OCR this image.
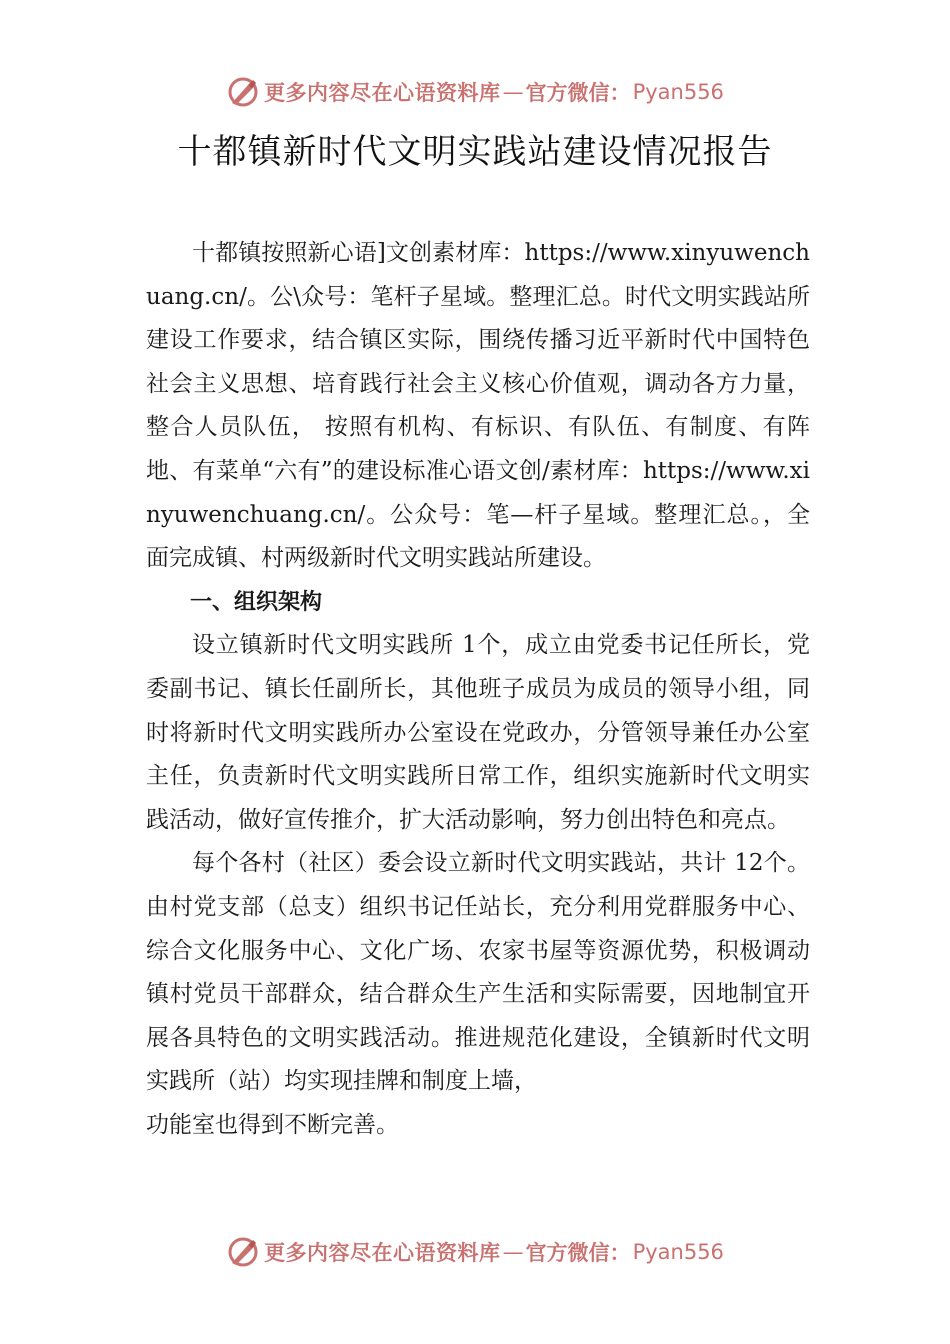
更多内容尽在心语资料库 — 官方微信： Pyan556
十都镇新时代文明实践站建设情况报告

十都镇按照新心语]文创素材库：https://www.xinyuwenchuang.cn/。公\众号：笔杆子星域。整理汇总。时代文明实践站所建设工作要求，结合镇区实际，围绕传播习近平新时代中国特色社会主义思想、培育践行社会主义核心价值观，调动各方力量，整合人员队伍， 按照有机构、有标识、有队伍、有制度、有阵地、有菜单“六有”的建设标准心语文创/素材库：https://www.xinyuwenchuang.cn/。公众号：笔—杆子星域。整理汇总。，全面完成镇、村两级新时代文明实践站所建设。

一、组织架构

设立镇新时代文明实践所 1个，成立由党委书记任所长，党委副书记、镇长任副所长，其他班子成员为成员的领导小组，同时将新时代文明实践所办公室设在党政办，分管领导兼任办公室主任，负责新时代文明实践所日常工作，组织实施新时代文明实践活动，做好宣传推介，扩大活动影响，努力创出特色和亮点。

每个各村（社区）委会设立新时代文明实践站，共计 12个。由村党支部（总支）组织书记任站长，充分利用党群服务中心、综合文化服务中心、文化广场、农家书屋等资源优势，积极调动镇村党员干部群众，结合群众生产生活和实际需要，因地制宜开展各具特色的文明实践活动。推进规范化建设，全镇新时代文明实践所（站）均实现挂牌和制度上墙，

功能室也得到不断完善。

更多内容尽在心语资料库 — 官方微信： Pyan556
